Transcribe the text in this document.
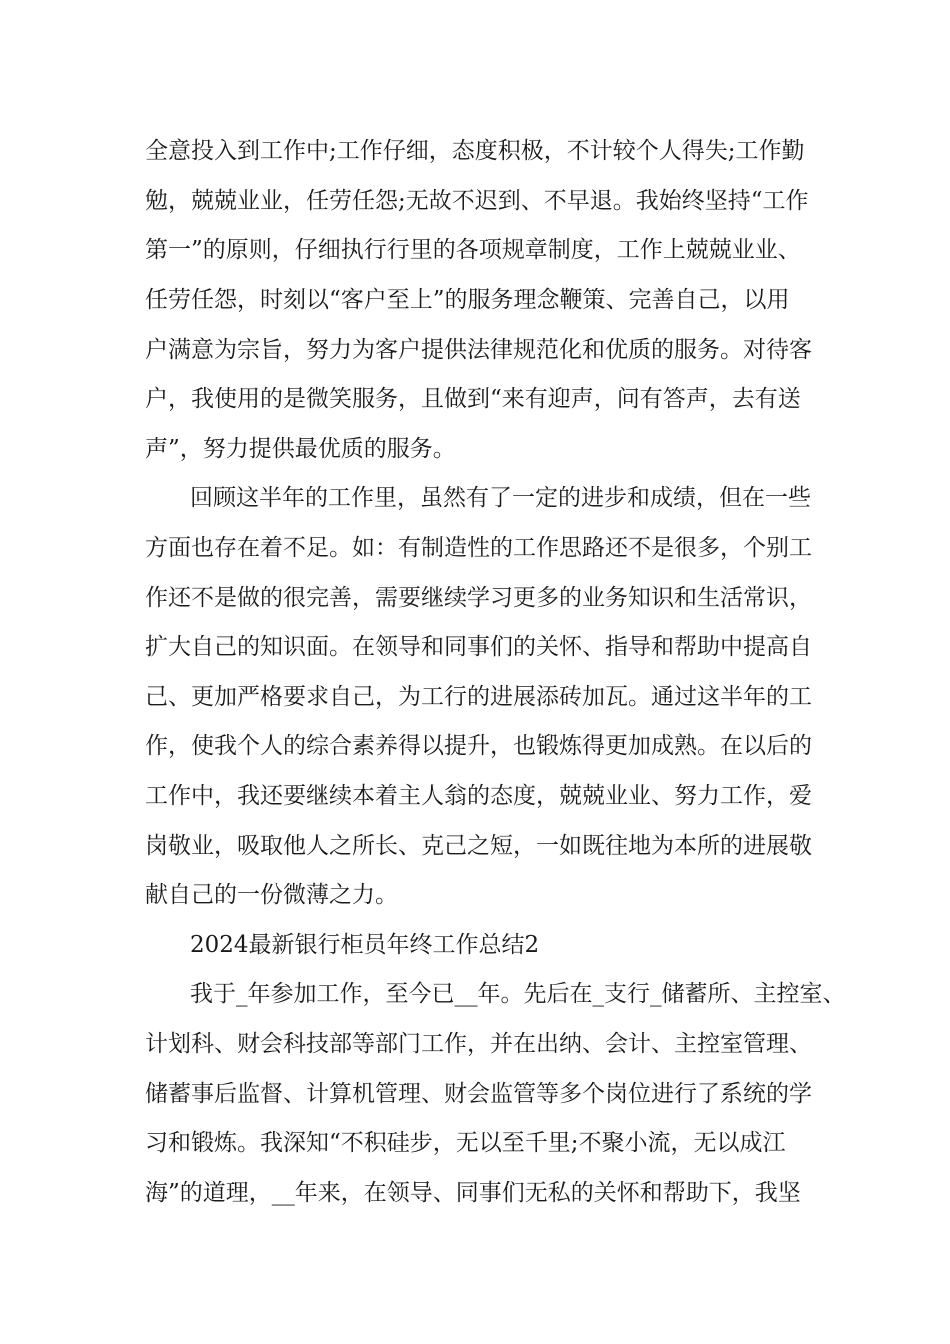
全意投入到工作中;工作仔细，态度积极，不计较个人得失;工作勤
勉，兢兢业业，任劳任怨;无故不迟到、不早退。我始终坚持“工作
第一”的原则，仔细执行行里的各项规章制度，工作上兢兢业业、
任劳任怨，时刻以“客户至上”的服务理念鞭策、完善自己，以用
户满意为宗旨，努力为客户提供法律规范化和优质的服务。对待客
户，我使用的是微笑服务，且做到“来有迎声，问有答声，去有送
声”，努力提供最优质的服务。
回顾这半年的工作里，虽然有了一定的进步和成绩，但在一些
方面也存在着不足。如：有制造性的工作思路还不是很多，个别工
作还不是做的很完善，需要继续学习更多的业务知识和生活常识，
扩大自己的知识面。在领导和同事们的关怀、指导和帮助中提高自
己、更加严格要求自己，为工行的进展添砖加瓦。通过这半年的工
作，使我个人的综合素养得以提升，也锻炼得更加成熟。在以后的
工作中，我还要继续本着主人翁的态度，兢兢业业、努力工作，爱
岗敬业，吸取他人之所长、克己之短，一如既往地为本所的进展敬
献自己的一份微薄之力。
2024最新银行柜员年终工作总结2
我于_年参加工作，至今已__年。先后在_支行_储蓄所、主控室、
计划科、财会科技部等部门工作，并在出纳、会计、主控室管理、
储蓄事后监督、计算机管理、财会监管等多个岗位进行了系统的学
习和锻炼。我深知“不积硅步，无以至千里;不聚小流，无以成江
海”的道理，__年来，在领导、同事们无私的关怀和帮助下，我坚
